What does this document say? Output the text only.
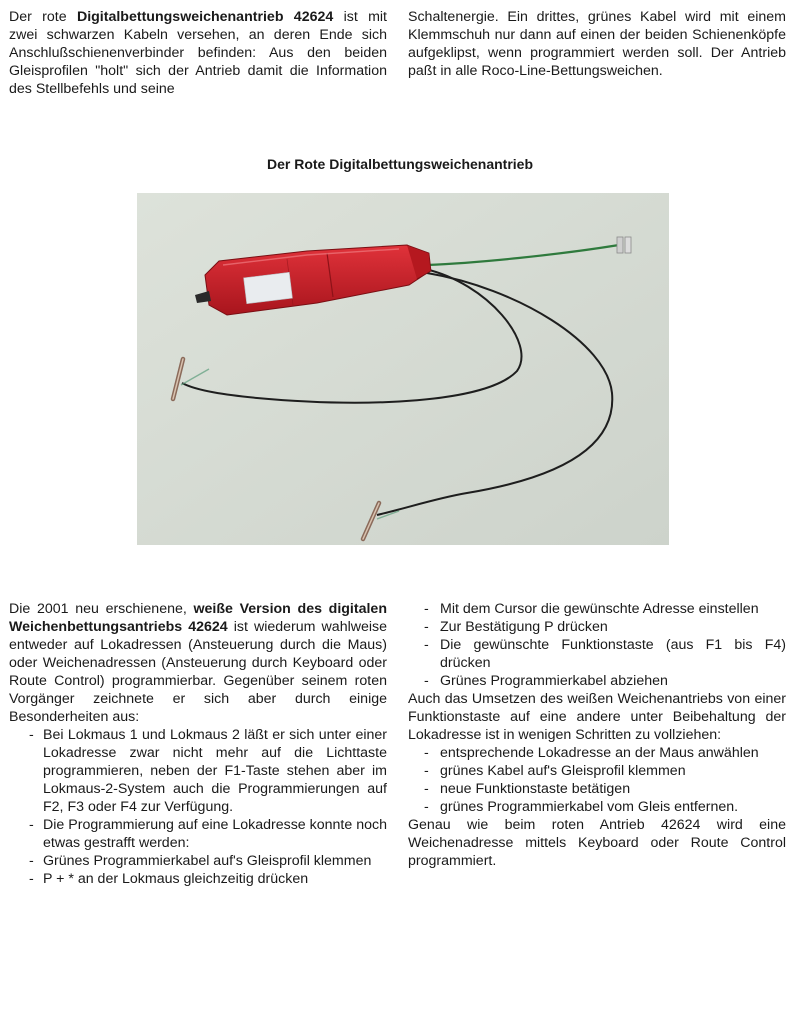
Der rote Digitalbettungsweichenantrieb 42624 ist mit zwei schwarzen Kabeln versehen, an deren Ende sich Anschlußschienenverbinder befinden: Aus den beiden Gleisprofilen "holt" sich der Antrieb damit die Information des Stellbefehls und seine

Schaltenergie. Ein drittes, grünes Kabel wird mit einem Klemmschuh nur dann auf einen der beiden Schienenköpfe aufgeklipst, wenn programmiert werden soll. Der Antrieb paßt in alle Roco-Line-Bettungsweichen.

Der Rote Digitalbettungsweichenantrieb

Die 2001 neu erschienene, weiße Version des digitalen Weichenbettungsantriebs 42624 ist wiederum wahlweise entweder auf Lokadressen (Ansteuerung durch die Maus) oder Weichenadressen (Ansteuerung durch Keyboard oder Route Control) programmierbar. Gegenüber seinem roten Vorgänger zeichnete er sich aber durch einige Besonderheiten aus:

- Bei Lokmaus 1 und Lokmaus 2 läßt er sich unter einer Lokadresse zwar nicht mehr auf die Lichttaste programmieren, neben der F1-Taste stehen aber im Lokmaus-2-System auch die Programmierungen auf F2, F3 oder F4 zur Verfügung.
- Die Programmierung auf eine Lokadresse konnte noch etwas gestrafft werden:
- Grünes Programmierkabel auf's Gleisprofil klemmen
- P + * an der Lokmaus gleichzeitig drücken
- Mit dem Cursor die gewünschte Adresse einstellen
- Zur Bestätigung P drücken
- Die gewünschte Funktionstaste (aus F1 bis F4) drücken
- Grünes Programmierkabel abziehen

Auch das Umsetzen des weißen Weichenantriebs von einer Funktionstaste auf eine andere unter Beibehaltung der Lokadresse ist in wenigen Schritten zu vollziehen:

- entsprechende Lokadresse an der Maus anwählen
- grünes Kabel auf's Gleisprofil klemmen
- neue Funktionstaste betätigen
- grünes Programmierkabel vom Gleis entfernen.

Genau wie beim roten Antrieb 42624 wird eine Weichenadresse mittels Keyboard oder Route Control programmiert.
